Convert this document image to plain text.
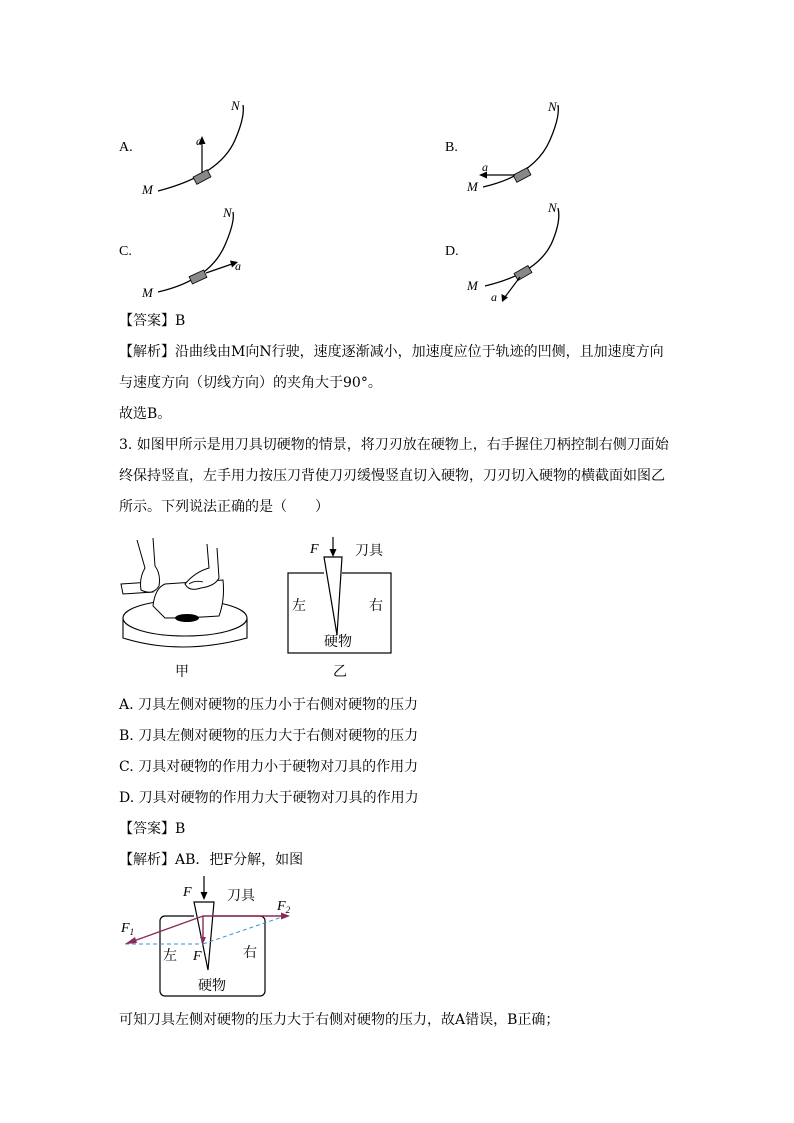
A.	a
M
N
B.
a
M
N
C.
a
M
N
D.
a
M
N
【答案】B
【解析】沿曲线由M向N行驶，速度逐渐减小，加速度应位于轨迹的凹侧，且加速度方向
与速度方向（切线方向）的夹角大于90°。
故选B。
3. 如图甲所示是用刀具切硬物的情景，将刀刃放在硬物上，右手握住刀柄控制右侧刀面始
终保持竖直，左手用力按压刀背使刀刃缓慢竖直切入硬物，刀刃切入硬物的横截面如图乙
所示。下列说法正确的是（　　）
甲
F	刀具
左	右
硬物
乙
A. 刀具左侧对硬物的压力小于右侧对硬物的压力
B. 刀具左侧对硬物的压力大于右侧对硬物的压力
C. 刀具对硬物的作用力小于硬物对刀具的作用力
D. 刀具对硬物的作用力大于硬物对刀具的作用力
【答案】B
【解析】AB．把F分解，如图
F	刀具
$F_1$
$F_2$
左 F	右
硬物
可知刀具左侧对硬物的压力大于右侧对硬物的压力，故A错误，B正确；
